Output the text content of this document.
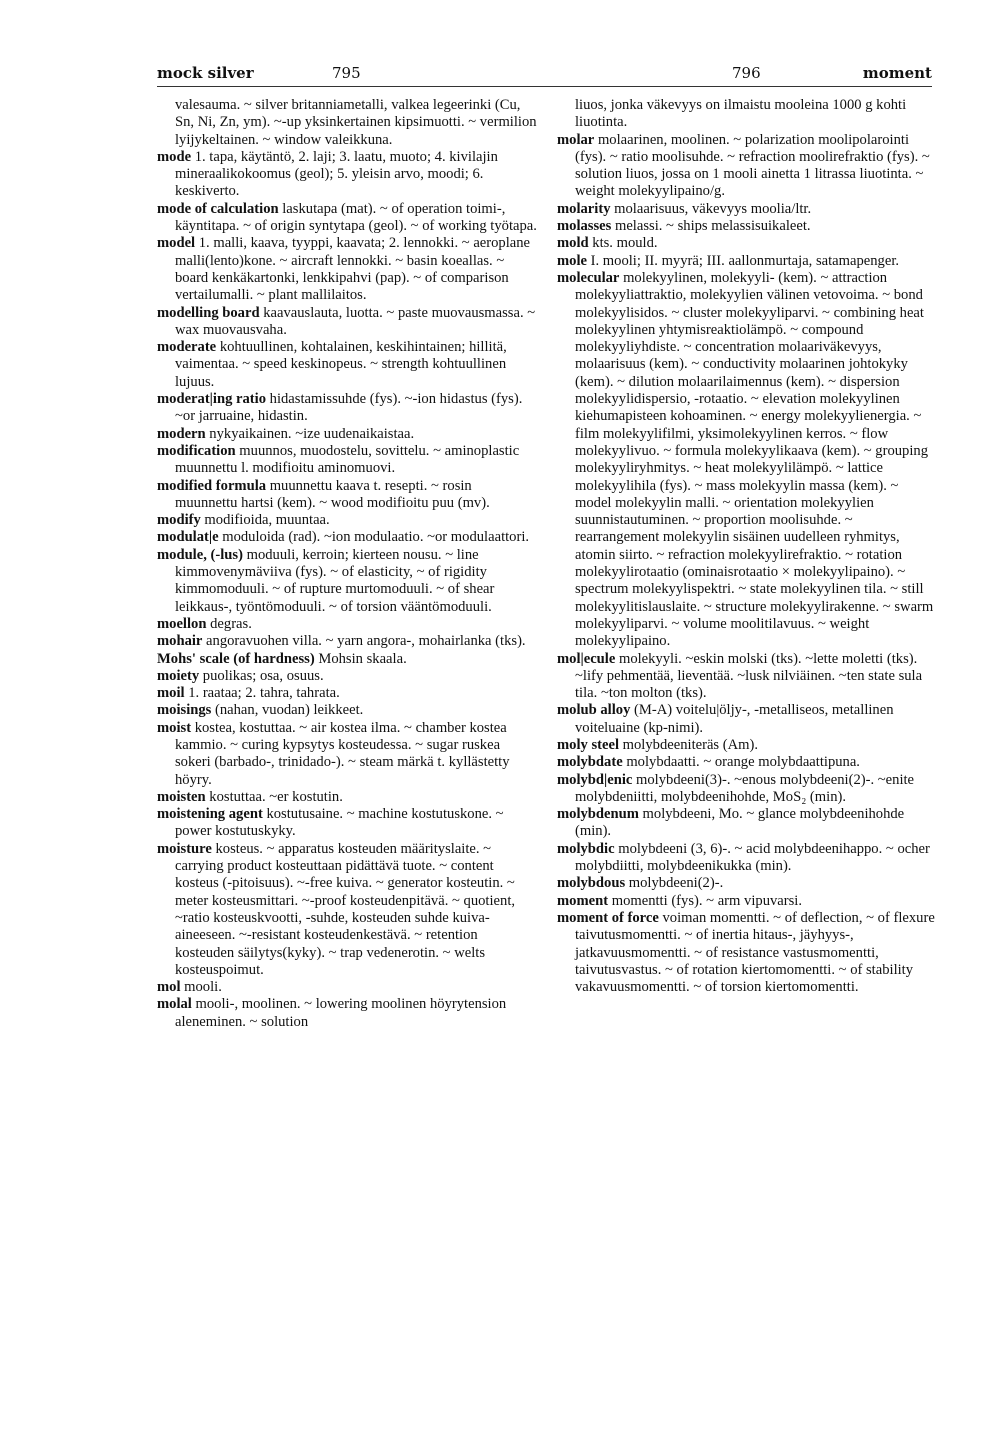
mock silver	795	796	moment

valesauma. ~ silver britanniametalli, valkea legeerinki (Cu, Sn, Ni, Zn, ym). ~-up yksinkertainen kipsimuotti. ~ vermilion lyijykeltainen. ~ window valeikkuna.

mode 1. tapa, käytäntö, 2. laji; 3. laatu, muoto; 4. kivilajin mineraalikokoomus (geol); 5. yleisin arvo, moodi; 6. keskiverto.

mode of calculation laskutapa (mat). ~ of operation toimi-, käyntitapa. ~ of origin syntytapa (geol). ~ of working työtapa.

model 1. malli, kaava, tyyppi, kaavata; 2. lennokki. ~ aeroplane malli(lento)kone. ~ aircraft lennokki. ~ basin koeallas. ~ board kenkäkartonki, lenkkipahvi (pap). ~ of comparison vertailumalli. ~ plant mallilaitos.

modelling board kaavauslauta, luotta. ~ paste muovausmassa. ~ wax muovausvaha.

moderate kohtuullinen, kohtalainen, keskihintainen; hillitä, vaimentaa. ~ speed keskinopeus. ~ strength kohtuullinen lujuus.

moderat|ing ratio hidastamissuhde (fys). ~-ion hidastus (fys). ~or jarruaine, hidastin.

modern nykyaikainen. ~ize uudenaikaistaa.

modification muunnos, muodostelu, sovittelu. ~ aminoplastic muunnettu l. modifioitu aminomuovi.

modified formula muunnettu kaava t. resepti. ~ rosin muunnettu hartsi (kem). ~ wood modifioitu puu (mv).

modify modifioida, muuntaa.

modulat|e moduloida (rad). ~ion modulaatio. ~or modulaattori.

module, (-lus) moduuli, kerroin; kierteen nousu. ~ line kimmovenymäviiva (fys). ~ of elasticity, ~ of rigidity kimmomoduuli. ~ of rupture murtomoduuli. ~ of shear leikkaus-, työntömoduuli. ~ of torsion vääntömoduuli.

moellon degras.

mohair angoravuohen villa. ~ yarn angora-, mohairlanka (tks).

Mohs' scale (of hardness) Mohsin skaala.

moiety puolikas; osa, osuus.

moil 1. raataa; 2. tahra, tahrata.

moisings (nahan, vuodan) leikkeet.

moist kostea, kostuttaa. ~ air kostea ilma. ~ chamber kostea kammio. ~ curing kypsytys kosteudessa. ~ sugar ruskea sokeri (barbado-, trinidado-). ~ steam märkä t. kyllästetty höyry.

moisten kostuttaa. ~er kostutin.

moistening agent kostutusaine. ~ machine kostutuskone. ~ power kostutuskyky.

moisture kosteus. ~ apparatus kosteuden määrityslaite. ~ carrying product kosteuttaan pidättävä tuote. ~ content kosteus (-pitoisuus). ~-free kuiva. ~ generator kosteutin. ~ meter kosteusmittari. ~-proof kosteudenpitävä. ~ quotient, ~ratio kosteuskvootti, -suhde, kosteuden suhde kuiva-aineeseen. ~-resistant kosteudenkestävä. ~ retention kosteuden säilytys(kyky). ~ trap vedenerotin. ~ welts kosteuspoimut.

mol mooli.

molal mooli-, moolinen. ~ lowering moolinen höyrytension aleneminen. ~ solution

liuos, jonka väkevyys on ilmaistu mooleina 1000 g kohti liuotinta.

molar molaarinen, moolinen. ~ polarization moolipolarointi (fys). ~ ratio moolisuhde. ~ refraction moolirefraktio (fys). ~ solution liuos, jossa on 1 mooli ainetta 1 litrassa liuotinta. ~ weight molekyylipaino/g.

molarity molaarisuus, väkevyys moolia/ltr.

molasses melassi. ~ ships melassisuikaleet.

mold kts. mould.

mole I. mooli; II. myyrä; III. aallonmurtaja, satamapenger.

molecular molekyylinen, molekyyli- (kem). ~ attraction molekyyliattraktio, molekyylien välinen vetovoima. ~ bond molekyylisidos. ~ cluster molekyyliparvi. ~ combining heat molekyylinen yhtymisreaktiolämpö. ~ compound molekyyliyhdiste. ~ concentration molaariväkevyys, molaarisuus (kem). ~ conductivity molaarinen johtokyky (kem). ~ dilution molaarilaimennus (kem). ~ dispersion molekyylidispersio, -rotaatio. ~ elevation molekyylinen kiehumapisteen kohoaminen. ~ energy molekyylienergia. ~ film molekyylifilmi, yksimolekyylinen kerros. ~ flow molekyylivuo. ~ formula molekyylikaava (kem). ~ grouping molekyyliryhmitys. ~ heat molekyylilämpö. ~ lattice molekyylihila (fys). ~ mass molekyylin massa (kem). ~ model molekyylin malli. ~ orientation molekyylien suunnistautuminen. ~ proportion moolisuhde. ~ rearrangement molekyylin sisäinen uudelleen ryhmitys, atomin siirto. ~ refraction molekyylirefraktio. ~ rotation molekyylirotaatio (ominaisrotaatio × molekyylipaino). ~ spectrum molekyylispektri. ~ state molekyylinen tila. ~ still molekyylitislauslaite. ~ structure molekyylirakenne. ~ swarm molekyyliparvi. ~ volume moolitilavuus. ~ weight molekyylipaino.

mol|ecule molekyyli. ~eskin molski (tks). ~lette moletti (tks). ~lify pehmentää, lieventää. ~lusk nilviäinen. ~ten state sula tila. ~ton molton (tks).

molub alloy (M-A) voitelu|öljy-, -metalliseos, metallinen voiteluaine (kp-nimi).

moly steel molybdeeniteräs (Am).

molybdate molybdaatti. ~ orange molybdaattipuna.

molybd|enic molybdeeni(3)-. ~enous molybdeeni(2)-. ~enite molybdeniitti, molybdeenihohde, MoS₂ (min).

molybdenum molybdeeni, Mo. ~ glance molybdeenihohde (min).

molybdic molybdeeni (3, 6)-. ~ acid molybdeenihappo. ~ ocher molybdiitti, molybdeenikukka (min).

molybdous molybdeeni(2)-.

moment momentti (fys). ~ arm vipuvarsi.

moment of force voiman momentti. ~ of deflection, ~ of flexure taivutusmomentti. ~ of inertia hitaus-, jäyhyys-, jatkavuusmomentti. ~ of resistance vastusmomentti, taivutusvastus. ~ of rotation kiertomomentti. ~ of stability vakavuusmomentti. ~ of torsion kiertomomentti.
